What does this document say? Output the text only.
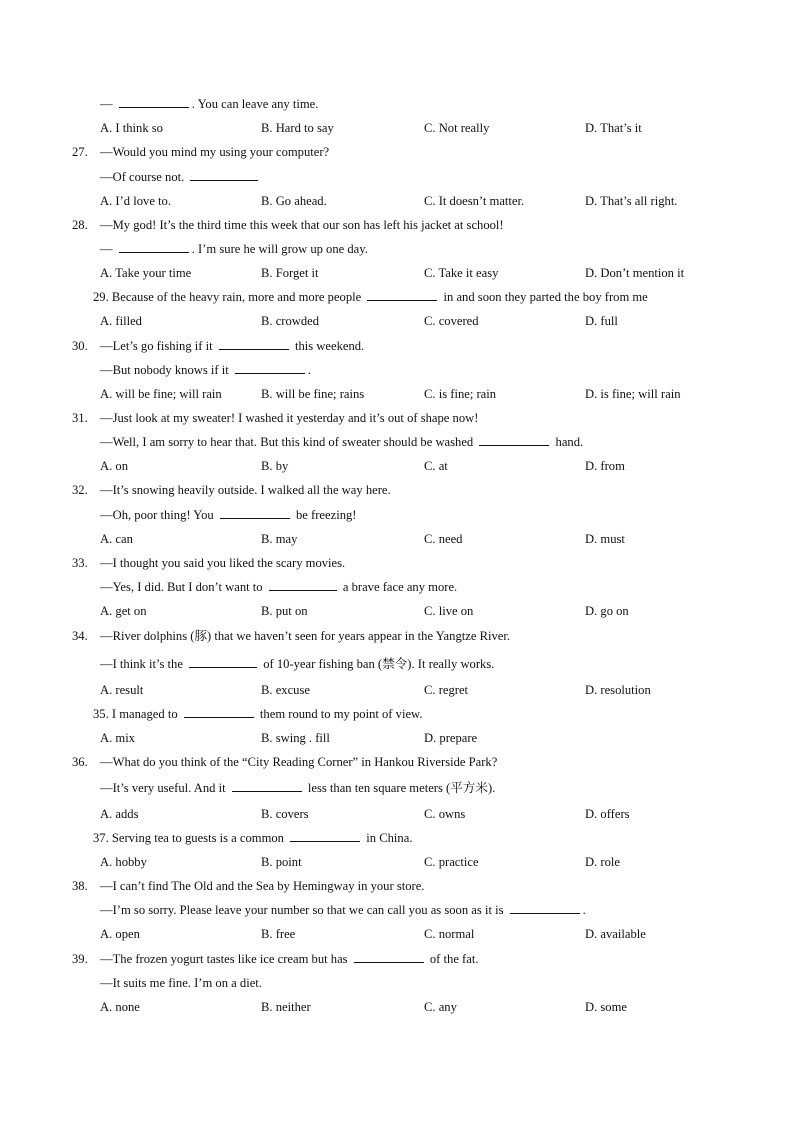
—	. You can leave any time.
A. I think so	B. Hard to say	C. Not really	D. That’s it
27. —Would you mind my using your computer?
—Of course not.
A. I’d love to.	B. Go ahead.	C. It doesn’t matter.	D. That’s all right.
28. —My god! It’s the third time this week that our son has left his jacket at school!
—	. I’m sure he will grow up one day.
A. Take your time	B. Forget it	C. Take it easy	D. Don’t mention it
29. Because of the heavy rain, more and more people	in and soon they parted the boy from me
A. filled	B. crowded	C. covered	D. full
30. —Let’s go fishing if it	this weekend.
—But nobody knows if it	.
A. will be fine; will rain	B. will be fine; rains	C. is fine; rain	D. is fine; will rain
31. —Just look at my sweater! I washed it yesterday and it’s out of shape now!
—Well, I am sorry to hear that. But this kind of sweater should be washed	hand.
A. on	B. by	C. at	D. from
32. —It’s snowing heavily outside. I walked all the way here.
—Oh, poor thing! You	be freezing!
A. can	B. may	C. need	D. must
33. —I thought you said you liked the scary movies.
—Yes, I did. But I don’t want to	a brave face any more.
A. get on	B. put on	C. live on	D. go on
34. —River dolphins (豚) that we haven’t seen for years appear in the Yangtze River.
—I think it’s the	of 10-year fishing ban (禁令). It really works.
A. result	B. excuse	C. regret	D. resolution
35. I managed to	them round to my point of view.
A. mix	B. swing . fill	D. prepare
36. —What do you think of the “City Reading Corner” in Hankou Riverside Park?
—It’s very useful. And it	less than ten square meters (平方米).
A. adds	B. covers	C. owns	D. offers
37. Serving tea to guests is a common	in China.
A. hobby	B. point	C. practice	D. role
38. —I can’t find The Old and the Sea by Hemingway in your store.
—I’m so sorry. Please leave your number so that we can call you as soon as it is	.
A. open	B. free	C. normal	D. available
39. —The frozen yogurt tastes like ice cream but has	of the fat.
—It suits me fine. I’m on a diet.
A. none	B. neither	C. any	D. some
